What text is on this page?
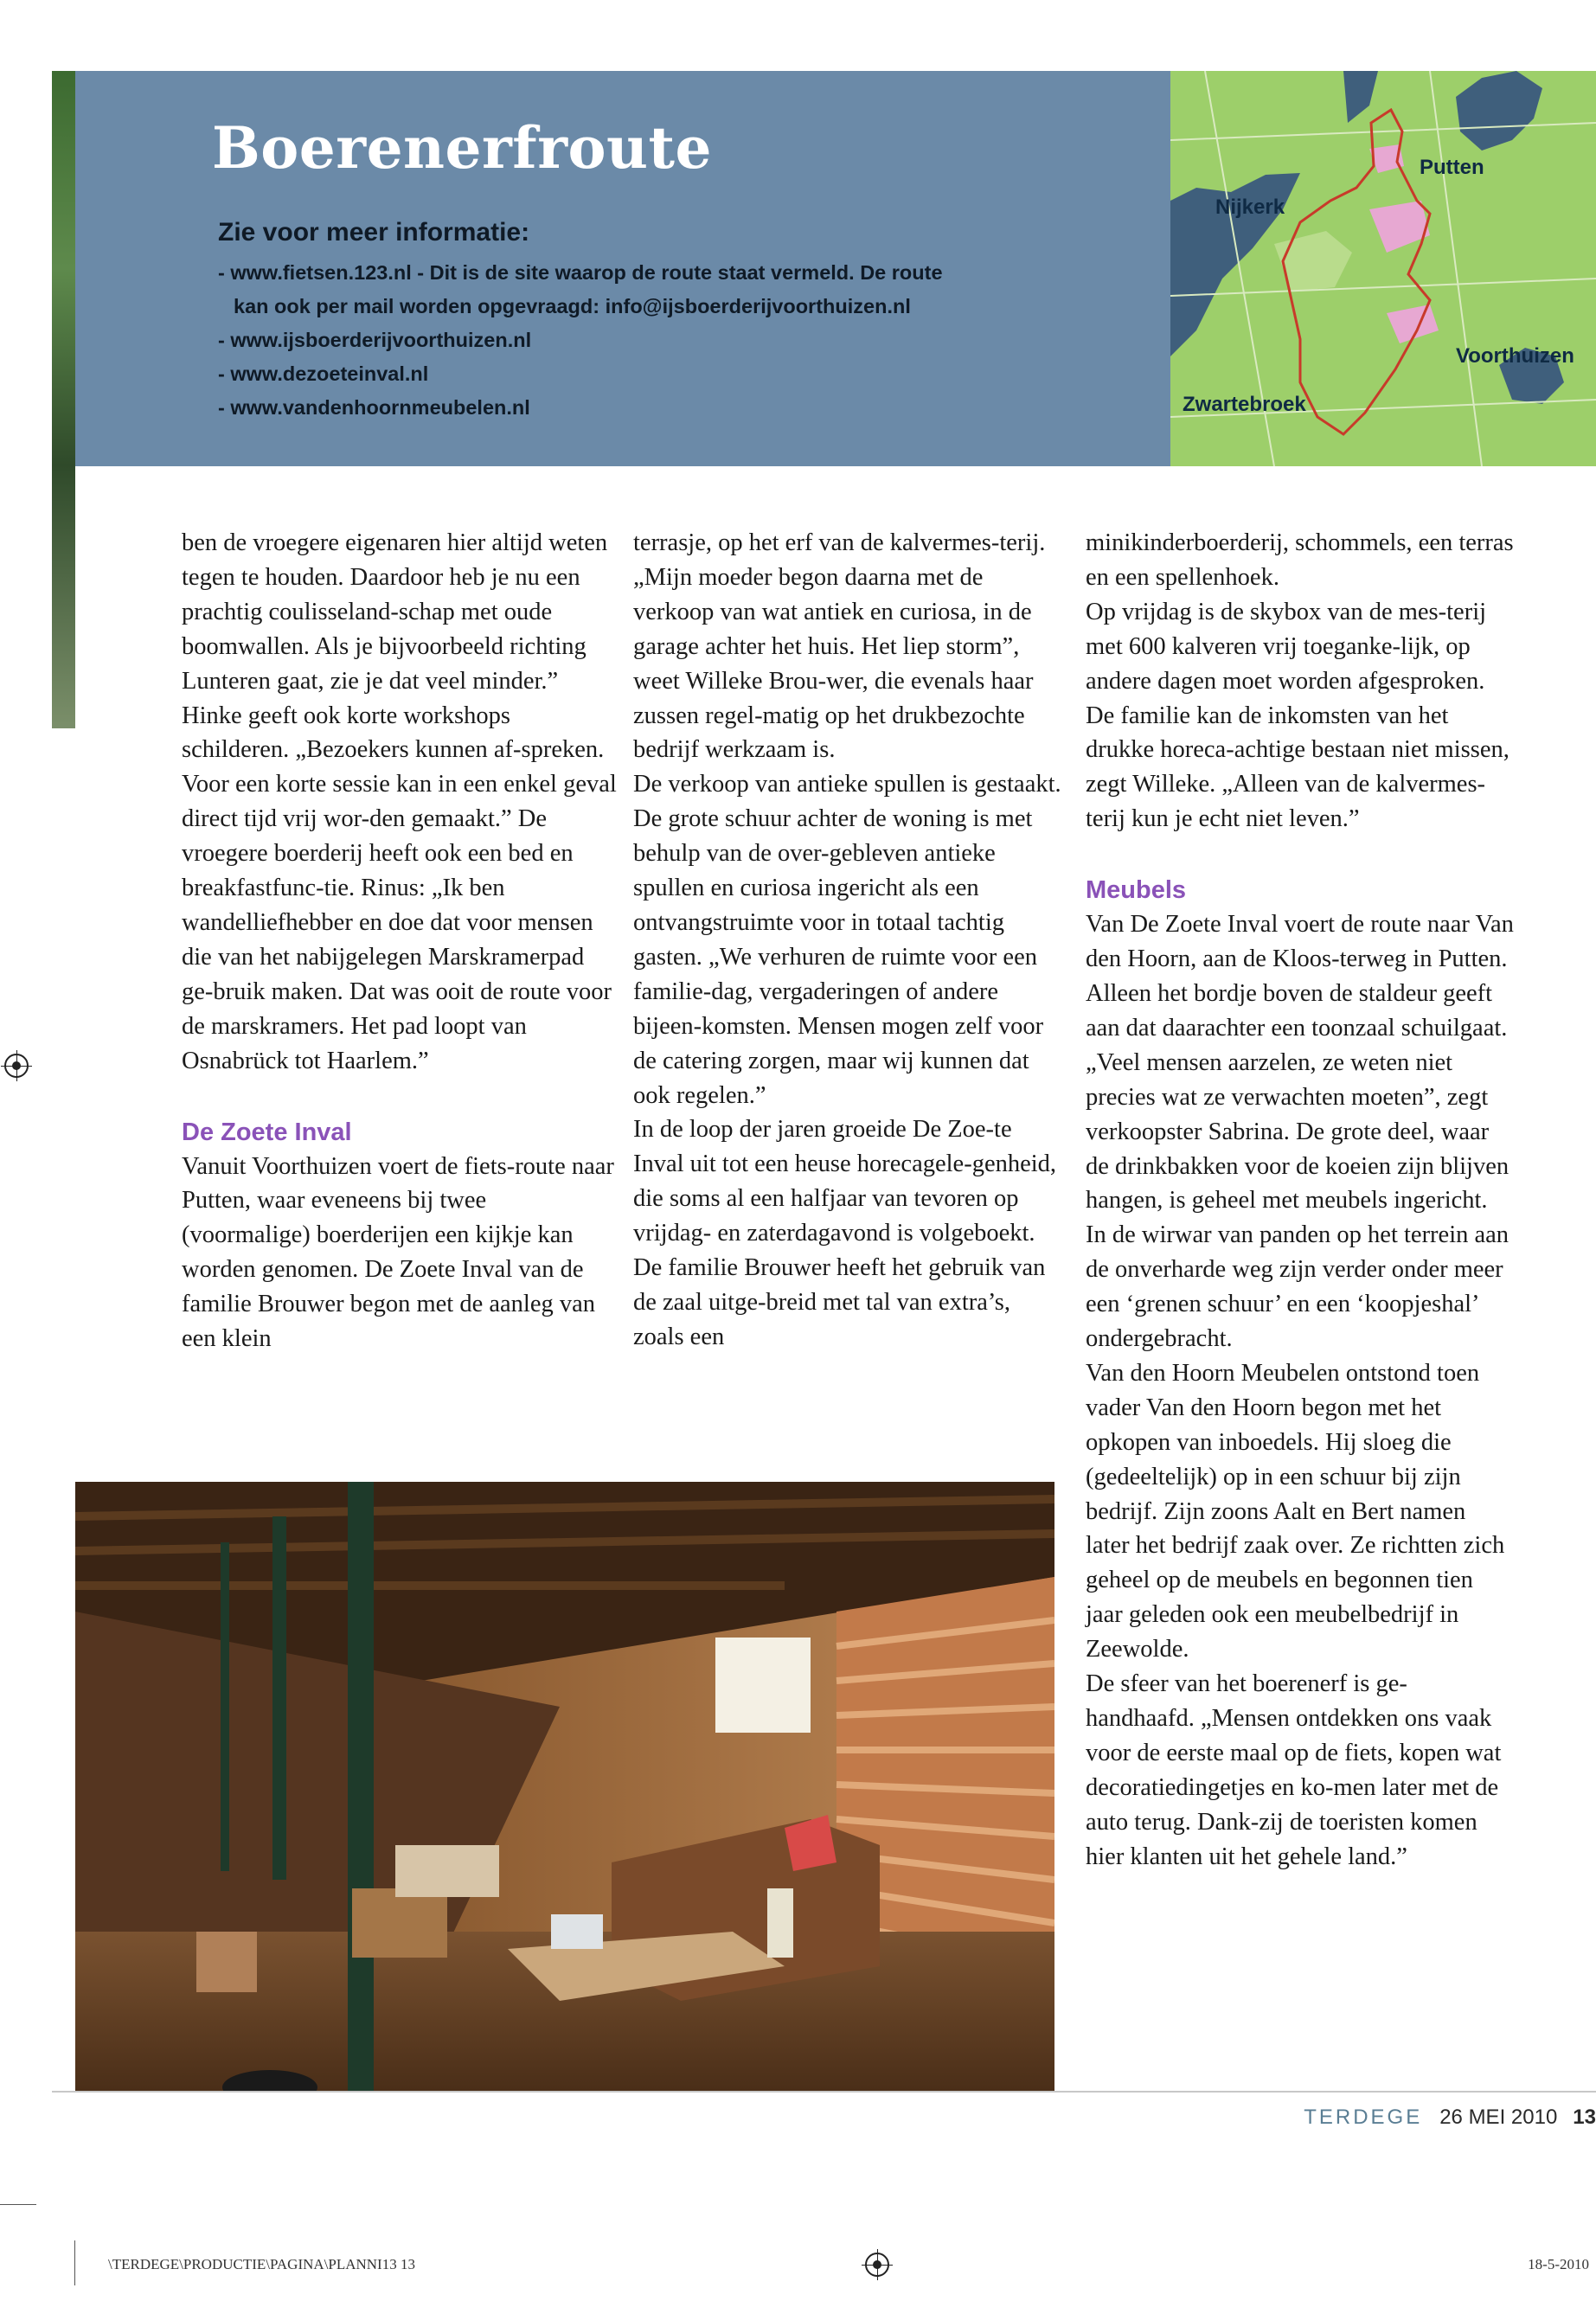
Boerenerfroute
Zie voor meer informatie:
- www.fietsen.123.nl - Dit is de site waarop de route staat vermeld. De route
kan ook per mail worden opgevraagd: info@ijsboerderijvoorthuizen.nl
- www.ijsboerderijvoorthuizen.nl
- www.dezoeteinval.nl
- www.vandenhoornmeubelen.nl
Nijkerk
Putten
Voorthuizen
Zwartebroek

ben de vroegere eigenaren hier altijd weten tegen te houden. Daardoor heb je nu een prachtig coulisseland-schap met oude boomwallen. Als je bijvoorbeeld richting Lunteren gaat, zie je dat veel minder.”

Hinke geeft ook korte workshops schilderen. „Bezoekers kunnen af-spreken. Voor een korte sessie kan in een enkel geval direct tijd vrij wor-den gemaakt.” De vroegere boerderij heeft ook een bed en breakfastfunc-tie. Rinus: „Ik ben wandelliefhebber en doe dat voor mensen die van het nabijgelegen Marskramerpad ge-bruik maken. Dat was ooit de route voor de marskramers. Het pad loopt van Osnabrück tot Haarlem.”

De Zoete Inval

Vanuit Voorthuizen voert de fiets-route naar Putten, waar eveneens bij twee (voormalige) boerderijen een kijkje kan worden genomen. De Zoete Inval van de familie Brouwer begon met de aanleg van een klein

terrasje, op het erf van de kalvermes-terij. „Mijn moeder begon daarna met de verkoop van wat antiek en curiosa, in de garage achter het huis. Het liep storm”, weet Willeke Brou-wer, die evenals haar zussen regel-matig op het drukbezochte bedrijf werkzaam is.

De verkoop van antieke spullen is gestaakt. De grote schuur achter de woning is met behulp van de over-gebleven antieke spullen en curiosa ingericht als een ontvangstruimte voor in totaal tachtig gasten. „We verhuren de ruimte voor een familie-dag, vergaderingen of andere bijeen-komsten. Mensen mogen zelf voor de catering zorgen, maar wij kunnen dat ook regelen.”

In de loop der jaren groeide De Zoe-te Inval uit tot een heuse horecagele-genheid, die soms al een halfjaar van tevoren op vrijdag- en zaterdagavond is volgeboekt. De familie Brouwer heeft het gebruik van de zaal uitge-breid met tal van extra’s, zoals een

minikinderboerderij, schommels, een terras en een spellenhoek.

Op vrijdag is de skybox van de mes-terij met 600 kalveren vrij toeganke-lijk, op andere dagen moet worden afgesproken. De familie kan de inkomsten van het drukke horeca-achtige bestaan niet missen, zegt Willeke. „Alleen van de kalvermes-terij kun je echt niet leven.”

Meubels

Van De Zoete Inval voert de route naar Van den Hoorn, aan de Kloos-terweg in Putten. Alleen het bordje boven de staldeur geeft aan dat daarachter een toonzaal schuilgaat. „Veel mensen aarzelen, ze weten niet precies wat ze verwachten moeten”, zegt verkoopster Sabrina. De grote deel, waar de drinkbakken voor de koeien zijn blijven hangen, is geheel met meubels ingericht. In de wirwar van panden op het terrein aan de onverharde weg zijn verder onder meer een ‘grenen schuur’ en een ‘koopjeshal’ ondergebracht.

Van den Hoorn Meubelen ontstond toen vader Van den Hoorn begon met het opkopen van inboedels. Hij sloeg die (gedeeltelijk) op in een schuur bij zijn bedrijf. Zijn zoons Aalt en Bert namen later het bedrijf zaak over. Ze richtten zich geheel op de meubels en begonnen tien jaar geleden ook een meubelbedrijf in Zeewolde.

De sfeer van het boerenerf is ge-handhaafd. „Mensen ontdekken ons vaak voor de eerste maal op de fiets, kopen wat decoratiedingetjes en ko-men later met de auto terug. Dank-zij de toeristen komen hier klanten uit het gehele land.”

TERDEGE 26 MEI 2010 13
\TERDEGE\PRODUCTIE\PAGINA\PLANNI13 13	18-5-2010
